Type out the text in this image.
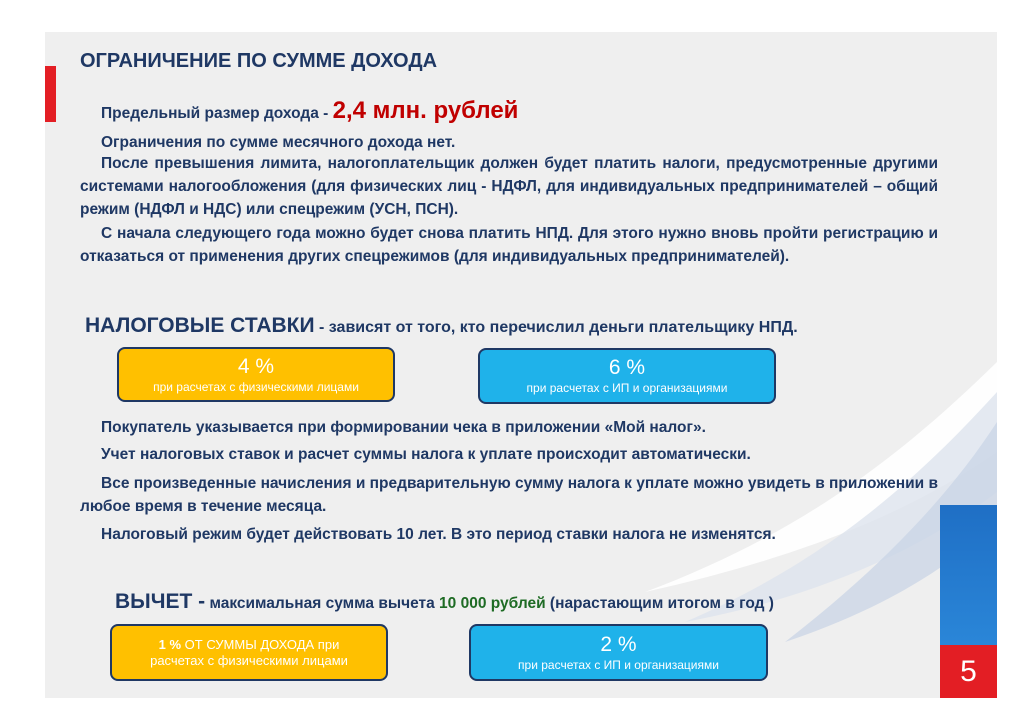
ОГРАНИЧЕНИЕ ПО СУММЕ ДОХОДА
Предельный размер дохода - 2,4 млн. рублей
Ограничения по сумме месячного дохода нет.
После превышения лимита, налогоплательщик должен будет платить налоги, предусмотренные другими системами налогообложения (для физических лиц - НДФЛ, для индивидуальных предпринимателей – общий режим (НДФЛ и НДС) или спецрежим (УСН, ПСН).
С начала следующего года можно будет снова платить НПД. Для этого нужно вновь пройти регистрацию и отказаться от применения других спецрежимов (для индивидуальных предпринимателей).
НАЛОГОВЫЕ СТАВКИ - зависят от того, кто перечислил деньги плательщику НПД.
4 %
при расчетах с физическими лицами
6 %
при расчетах с ИП и организациями
Покупатель указывается при формировании чека в приложении «Мой налог».
Учет налоговых ставок и расчет суммы налога к уплате происходит автоматически.
Все произведенные начисления и предварительную сумму налога к уплате можно увидеть в приложении в любое время в течение месяца.
Налоговый режим будет действовать 10 лет. В это период ставки налога не изменятся.
ВЫЧЕТ - максимальная сумма вычета 10 000 рублей (нарастающим итогом в год )
1 % ОТ СУММЫ ДОХОДА при
расчетах с физическими лицами
2 %
при расчетах с ИП и организациями	5
